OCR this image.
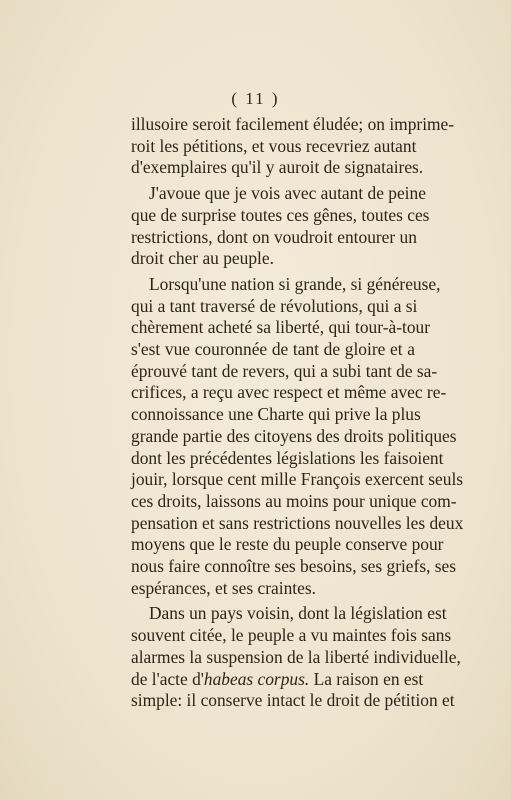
( 11 )

illusoire seroit facilement éludée; on imprime-
roit les pétitions, et vous recevriez autant
d'exemplaires qu'il y auroit de signataires.

J'avoue que je vois avec autant de peine
que de surprise toutes ces gênes, toutes ces
restrictions, dont on voudroit entourer un
droit cher au peuple.

Lorsqu'une nation si grande, si généreuse,
qui a tant traversé de révolutions, qui a si
chèrement acheté sa liberté, qui tour-à-tour
s'est vue couronnée de tant de gloire et a
éprouvé tant de revers, qui a subi tant de sa-
crifices, a reçu avec respect et même avec re-
connoissance une Charte qui prive la plus
grande partie des citoyens des droits politiques
dont les précédentes législations les faisoient
jouir, lorsque cent mille François exercent seuls
ces droits, laissons au moins pour unique com-
pensation et sans restrictions nouvelles les deux
moyens que le reste du peuple conserve pour
nous faire connoître ses besoins, ses griefs, ses
espérances, et ses craintes.

Dans un pays voisin, dont la législation est
souvent citée, le peuple a vu maintes fois sans
alarmes la suspension de la liberté individuelle,
de l'acte d'habeas corpus. La raison en est
simple: il conserve intact le droit de pétition et
